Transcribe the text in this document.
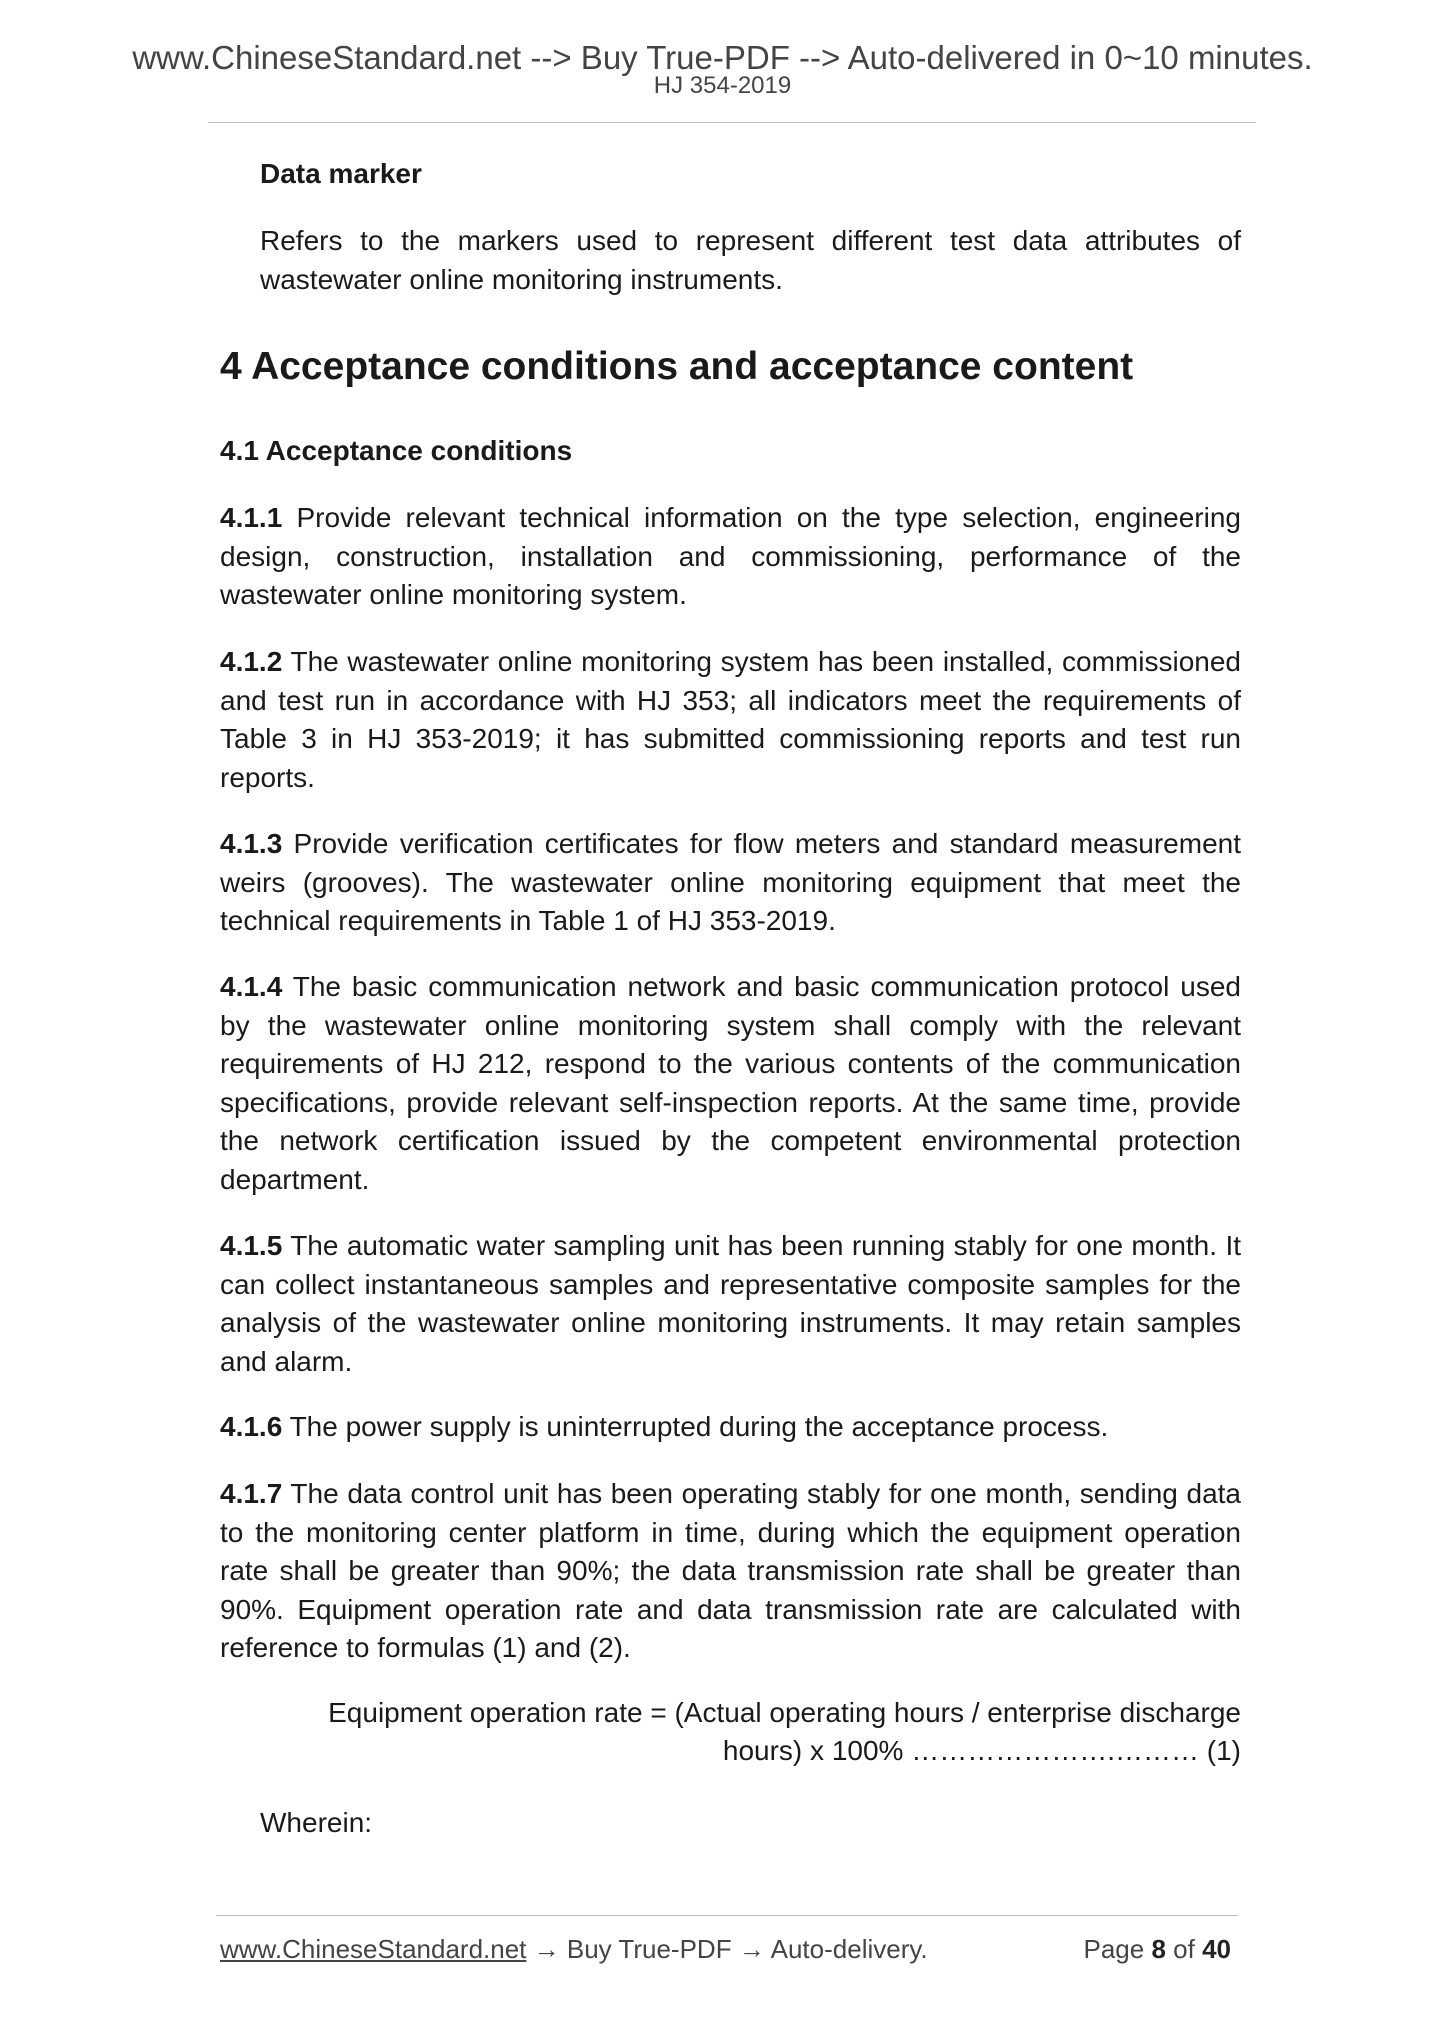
www.ChineseStandard.net --> Buy True-PDF --> Auto-delivered in 0~10 minutes.
HJ 354-2019
Data marker
Refers to the markers used to represent different test data attributes of wastewater online monitoring instruments.
4 Acceptance conditions and acceptance content
4.1 Acceptance conditions
4.1.1 Provide relevant technical information on the type selection, engineering design, construction, installation and commissioning, performance of the wastewater online monitoring system.
4.1.2 The wastewater online monitoring system has been installed, commissioned and test run in accordance with HJ 353; all indicators meet the requirements of Table 3 in HJ 353-2019; it has submitted commissioning reports and test run reports.
4.1.3 Provide verification certificates for flow meters and standard measurement weirs (grooves). The wastewater online monitoring equipment that meet the technical requirements in Table 1 of HJ 353-2019.
4.1.4 The basic communication network and basic communication protocol used by the wastewater online monitoring system shall comply with the relevant requirements of HJ 212, respond to the various contents of the communication specifications, provide relevant self-inspection reports. At the same time, provide the network certification issued by the competent environmental protection department.
4.1.5 The automatic water sampling unit has been running stably for one month. It can collect instantaneous samples and representative composite samples for the analysis of the wastewater online monitoring instruments. It may retain samples and alarm.
4.1.6 The power supply is uninterrupted during the acceptance process.
4.1.7 The data control unit has been operating stably for one month, sending data to the monitoring center platform in time, during which the equipment operation rate shall be greater than 90%; the data transmission rate shall be greater than 90%. Equipment operation rate and data transmission rate are calculated with reference to formulas (1) and (2).
Equipment operation rate = (Actual operating hours / enterprise discharge
hours) x 100% ………………….……… (1)
Wherein:
www.ChineseStandard.net → Buy True-PDF → Auto-delivery.	Page 8 of 40
